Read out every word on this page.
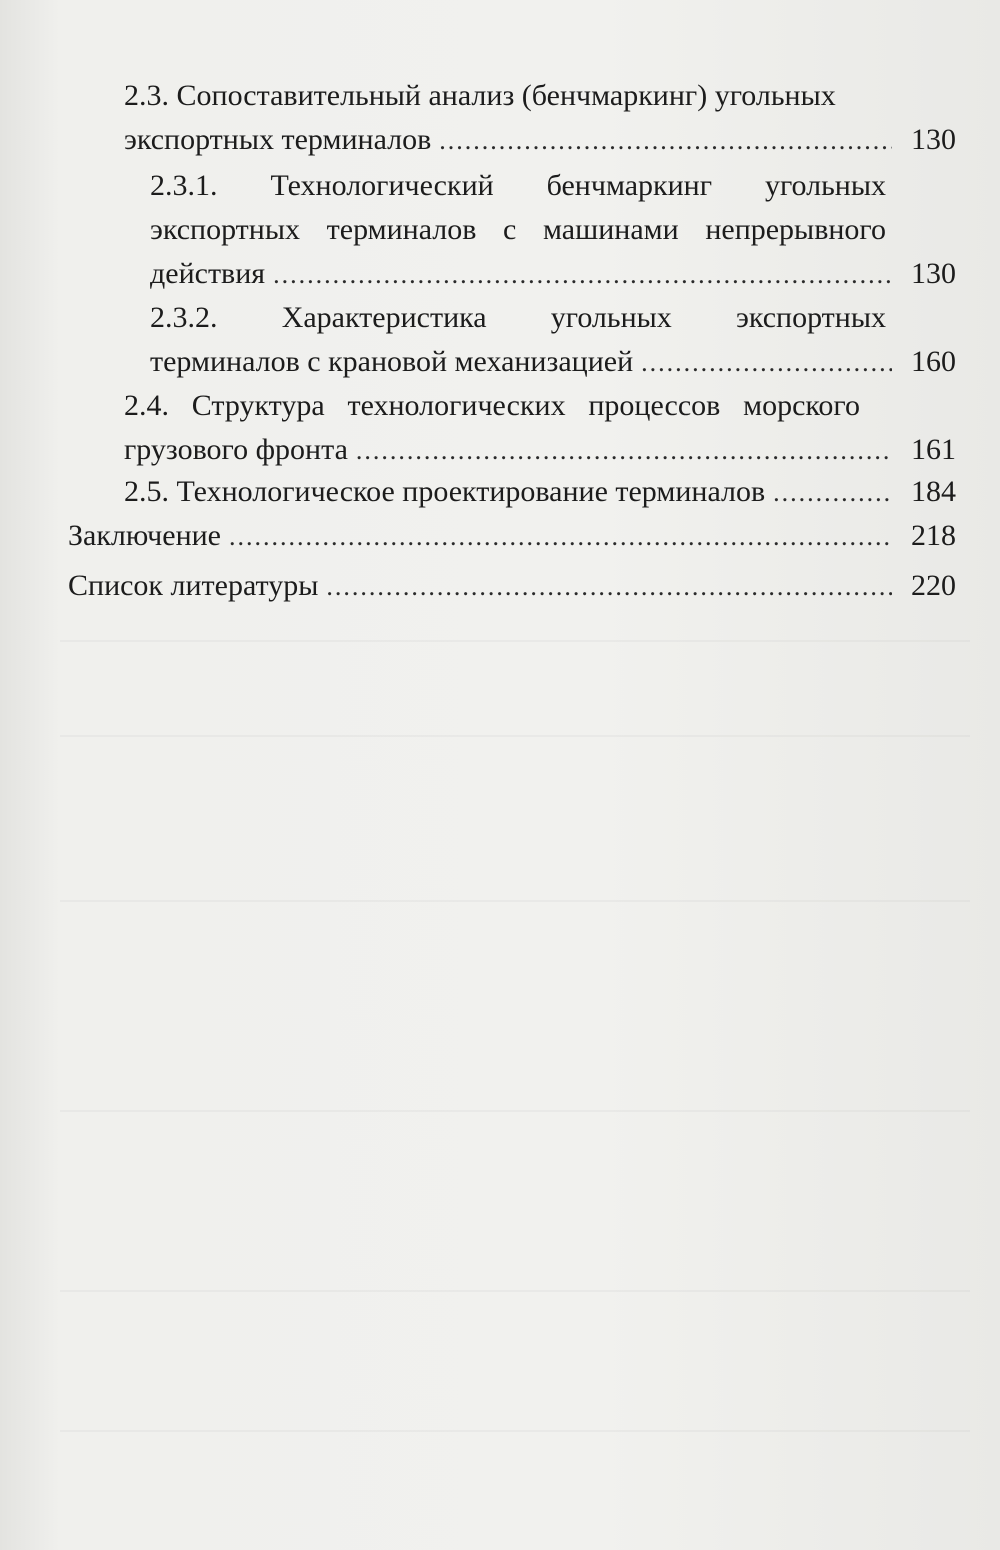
2.3. Сопоставительный анализ (бенчмаркинг) угольных
экспортных терминалов .....	130
2.3.1. Технологический бенчмаркинг угольных
экспортных терминалов с машинами непрерывного
действия .....	130
2.3.2. Характеристика угольных экспортных
терминалов с крановой механизацией .....	160
2.4. Структура технологических процессов морского
грузового фронта .....	161
2.5. Технологическое проектирование терминалов .....	184
Заключение .....	218
Список литературы .....	220
